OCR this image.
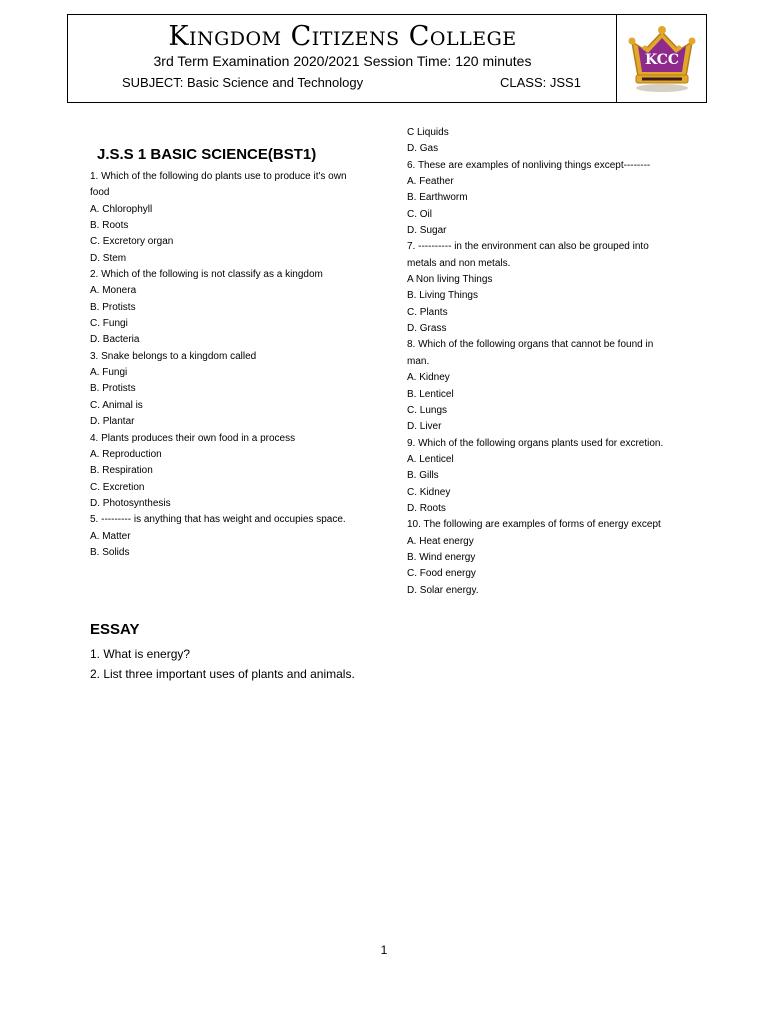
Kingdom Citizens College
3rd Term Examination 2020/2021 Session Time: 120 minutes
SUBJECT: Basic Science and Technology	CLASS: JSS1
KCC
J.S.S 1 BASIC SCIENCE(BST1)

1. Which of the following do plants use to produce it's own

food

A. Chlorophyll

B. Roots

C. Excretory organ

D. Stem

2. Which of the following is not classify as a kingdom

A. Monera

B. Protists

C. Fungi

D. Bacteria

3. Snake belongs to a kingdom called

A. Fungi

B. Protists

C. Animal is

D. Plantar

4. Plants produces their own food in a process

A. Reproduction

B. Respiration

C. Excretion

D. Photosynthesis

5. --------- is anything that has weight and occupies space.

A. Matter

B. Solids

C Liquids

D. Gas

6. These are examples of nonliving things except--------

A. Feather

B. Earthworm

C. Oil

D. Sugar

7. ---------- in the environment can also be grouped into

metals and non metals.

A Non living Things

B. Living Things

C. Plants

D. Grass

8. Which of the following organs that cannot be found in

man.

A. Kidney

B. Lenticel

C. Lungs

D. Liver

9. Which of the following organs plants used for excretion.

A. Lenticel

B. Gills

C. Kidney

D. Roots

10. The following are examples of forms of energy except

A. Heat energy

B. Wind energy

C. Food energy

D. Solar energy.

ESSAY

1. What is energy?

2. List three important uses of plants and animals.

1
